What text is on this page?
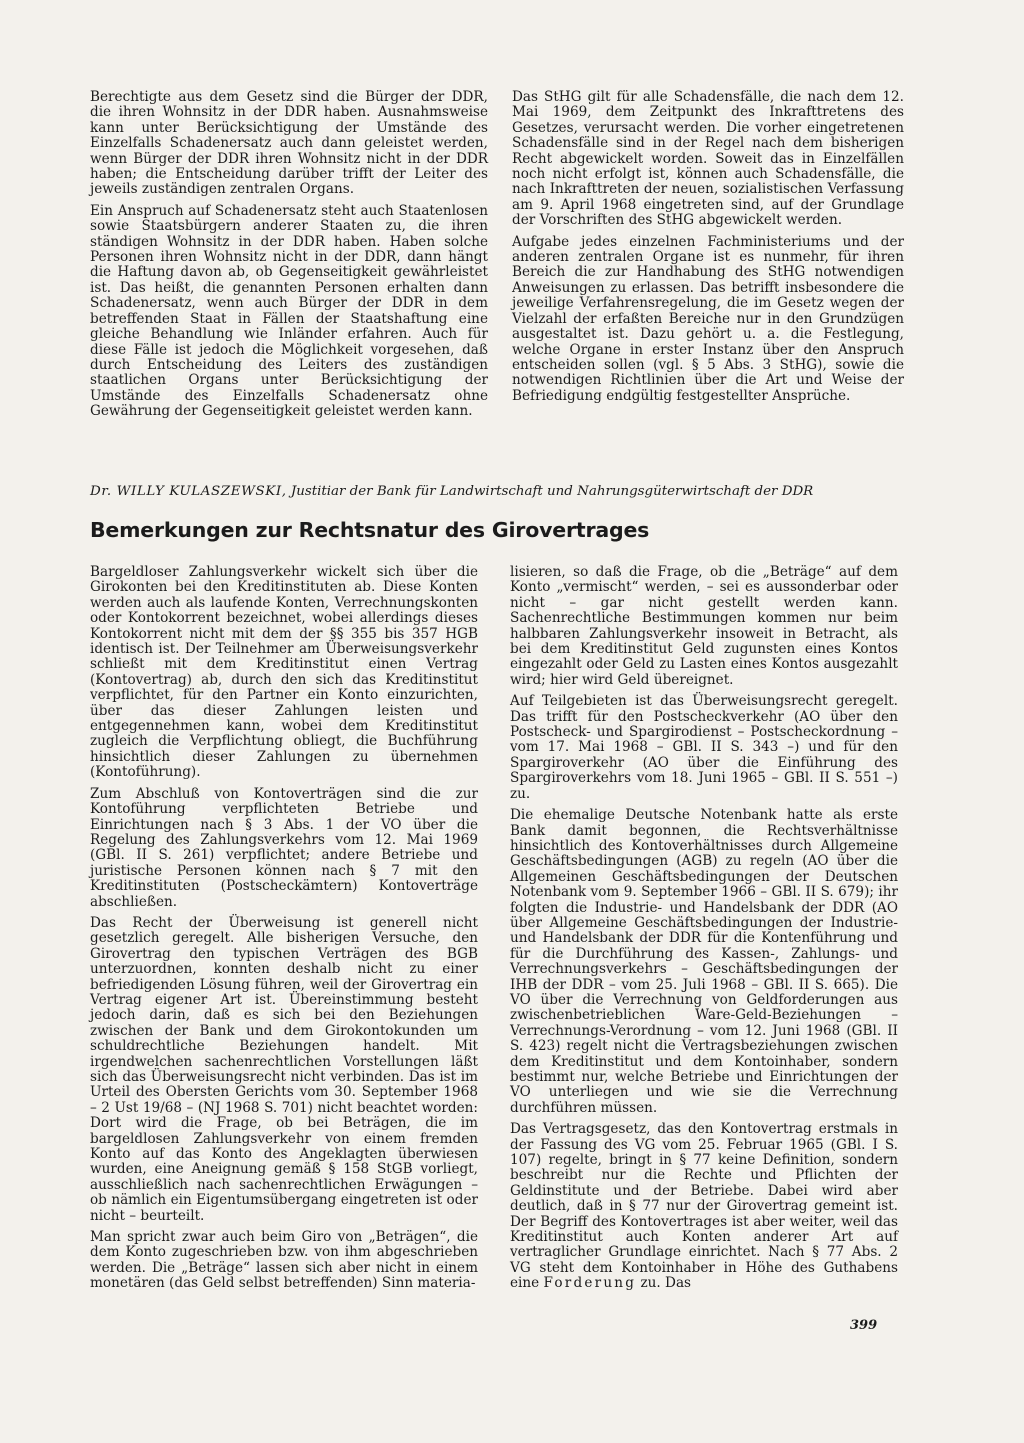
Berechtigte aus dem Gesetz sind die Bürger der DDR, die ihren Wohnsitz in der DDR haben. Ausnahmsweise kann unter Berücksichtigung der Umstände des Einzelfalls Schadenersatz auch dann geleistet werden, wenn Bürger der DDR ihren Wohnsitz nicht in der DDR haben; die Entscheidung darüber trifft der Leiter des jeweils zuständigen zentralen Organs.

Ein Anspruch auf Schadenersatz steht auch Staatenlosen sowie Staatsbürgern anderer Staaten zu, die ihren ständigen Wohnsitz in der DDR haben. Haben solche Personen ihren Wohnsitz nicht in der DDR, dann hängt die Haftung davon ab, ob Gegenseitigkeit gewährleistet ist. Das heißt, die genannten Personen erhalten dann Schadenersatz, wenn auch Bürger der DDR in dem betreffenden Staat in Fällen der Staatshaftung eine gleiche Behandlung wie Inländer erfahren. Auch für diese Fälle ist jedoch die Möglichkeit vorgesehen, daß durch Entscheidung des Leiters des zuständigen staatlichen Organs unter Berücksichtigung der Umstände des Einzelfalls Schadenersatz ohne Gewährung der Gegenseitigkeit geleistet werden kann.

Das StHG gilt für alle Schadensfälle, die nach dem 12. Mai 1969, dem Zeitpunkt des Inkrafttretens des Gesetzes, verursacht werden. Die vorher eingetretenen Schadensfälle sind in der Regel nach dem bisherigen Recht abgewickelt worden. Soweit das in Einzelfällen noch nicht erfolgt ist, können auch Schadensfälle, die nach Inkrafttreten der neuen, sozialistischen Verfassung am 9. April 1968 eingetreten sind, auf der Grundlage der Vorschriften des StHG abgewickelt werden.

Aufgabe jedes einzelnen Fachministeriums und der anderen zentralen Organe ist es nunmehr, für ihren Bereich die zur Handhabung des StHG notwendigen Anweisungen zu erlassen. Das betrifft insbesondere die jeweilige Verfahrensregelung, die im Gesetz wegen der Vielzahl der erfaßten Bereiche nur in den Grundzügen ausgestaltet ist. Dazu gehört u. a. die Festlegung, welche Organe in erster Instanz über den Anspruch entscheiden sollen (vgl. § 5 Abs. 3 StHG), sowie die notwendigen Richtlinien über die Art und Weise der Befriedigung endgültig festgestellter Ansprüche.

Dr. WILLY KULASZEWSKI, Justitiar der Bank für Landwirtschaft und Nahrungsgüterwirtschaft der DDR
Bemerkungen zur Rechtsnatur des Girovertrages

Bargeldloser Zahlungsverkehr wickelt sich über die Girokonten bei den Kreditinstituten ab. Diese Konten werden auch als laufende Konten, Verrechnungskonten oder Kontokorrent bezeichnet, wobei allerdings dieses Kontokorrent nicht mit dem der §§ 355 bis 357 HGB identisch ist. Der Teilnehmer am Überweisungsverkehr schließt mit dem Kreditinstitut einen Vertrag (Kontovertrag) ab, durch den sich das Kreditinstitut verpflichtet, für den Partner ein Konto einzurichten, über das dieser Zahlungen leisten und entgegennehmen kann, wobei dem Kreditinstitut zugleich die Verpflichtung obliegt, die Buchführung hinsichtlich dieser Zahlungen zu übernehmen (Kontoführung).

Zum Abschluß von Kontoverträgen sind die zur Kontoführung verpflichteten Betriebe und Einrichtungen nach § 3 Abs. 1 der VO über die Regelung des Zahlungsverkehrs vom 12. Mai 1969 (GBl. II S. 261) verpflichtet; andere Betriebe und juristische Personen können nach § 7 mit den Kreditinstituten (Postscheckämtern) Kontoverträge abschließen.

Das Recht der Überweisung ist generell nicht gesetzlich geregelt. Alle bisherigen Versuche, den Girovertrag den typischen Verträgen des BGB unterzuordnen, konnten deshalb nicht zu einer befriedigenden Lösung führen, weil der Girovertrag ein Vertrag eigener Art ist. Übereinstimmung besteht jedoch darin, daß es sich bei den Beziehungen zwischen der Bank und dem Girokontokunden um schuldrechtliche Beziehungen handelt. Mit irgendwelchen sachenrechtlichen Vorstellungen läßt sich das Überweisungsrecht nicht verbinden. Das ist im Urteil des Obersten Gerichts vom 30. September 1968 – 2 Ust 19/68 – (NJ 1968 S. 701) nicht beachtet worden: Dort wird die Frage, ob bei Beträgen, die im bargeldlosen Zahlungsverkehr von einem fremden Konto auf das Konto des Angeklagten überwiesen wurden, eine Aneignung gemäß § 158 StGB vorliegt, ausschließlich nach sachenrechtlichen Erwägungen – ob nämlich ein Eigentumsübergang eingetreten ist oder nicht – beurteilt.

Man spricht zwar auch beim Giro von „Beträgen“, die dem Konto zugeschrieben bzw. von ihm abgeschrieben werden. Die „Beträge“ lassen sich aber nicht in einem monetären (das Geld selbst betreffenden) Sinn materia-

lisieren, so daß die Frage, ob die „Beträge“ auf dem Konto „vermischt“ werden, – sei es aussonderbar oder nicht – gar nicht gestellt werden kann. Sachenrechtliche Bestimmungen kommen nur beim halbbaren Zahlungsverkehr insoweit in Betracht, als bei dem Kreditinstitut Geld zugunsten eines Kontos eingezahlt oder Geld zu Lasten eines Kontos ausgezahlt wird; hier wird Geld übereignet.

Auf Teilgebieten ist das Überweisungsrecht geregelt. Das trifft für den Postscheckverkehr (AO über den Postscheck- und Spargirodienst – Postscheckordnung – vom 17. Mai 1968 – GBl. II S. 343 –) und für den Spargiroverkehr (AO über die Einführung des Spargiroverkehrs vom 18. Juni 1965 – GBl. II S. 551 –) zu.

Die ehemalige Deutsche Notenbank hatte als erste Bank damit begonnen, die Rechtsverhältnisse hinsichtlich des Kontoverhältnisses durch Allgemeine Geschäftsbedingungen (AGB) zu regeln (AO über die Allgemeinen Geschäftsbedingungen der Deutschen Notenbank vom 9. September 1966 – GBl. II S. 679); ihr folgten die Industrie- und Handelsbank der DDR (AO über Allgemeine Geschäftsbedingungen der Industrie- und Handelsbank der DDR für die Kontenführung und für die Durchführung des Kassen-, Zahlungs- und Verrechnungsverkehrs – Geschäftsbedingungen der IHB der DDR – vom 25. Juli 1968 – GBl. II S. 665). Die VO über die Verrechnung von Geldforderungen aus zwischenbetrieblichen Ware-Geld-Beziehungen – Verrechnungs-Verordnung – vom 12. Juni 1968 (GBl. II S. 423) regelt nicht die Vertragsbeziehungen zwischen dem Kreditinstitut und dem Kontoinhaber, sondern bestimmt nur, welche Betriebe und Einrichtungen der VO unterliegen und wie sie die Verrechnung durchführen müssen.

Das Vertragsgesetz, das den Kontovertrag erstmals in der Fassung des VG vom 25. Februar 1965 (GBl. I S. 107) regelte, bringt in § 77 keine Definition, sondern beschreibt nur die Rechte und Pflichten der Geldinstitute und der Betriebe. Dabei wird aber deutlich, daß in § 77 nur der Girovertrag gemeint ist. Der Begriff des Kontovertrages ist aber weiter, weil das Kreditinstitut auch Konten anderer Art auf vertraglicher Grundlage einrichtet. Nach § 77 Abs. 2 VG steht dem Kontoinhaber in Höhe des Guthabens eine Forderung zu. Das

399
